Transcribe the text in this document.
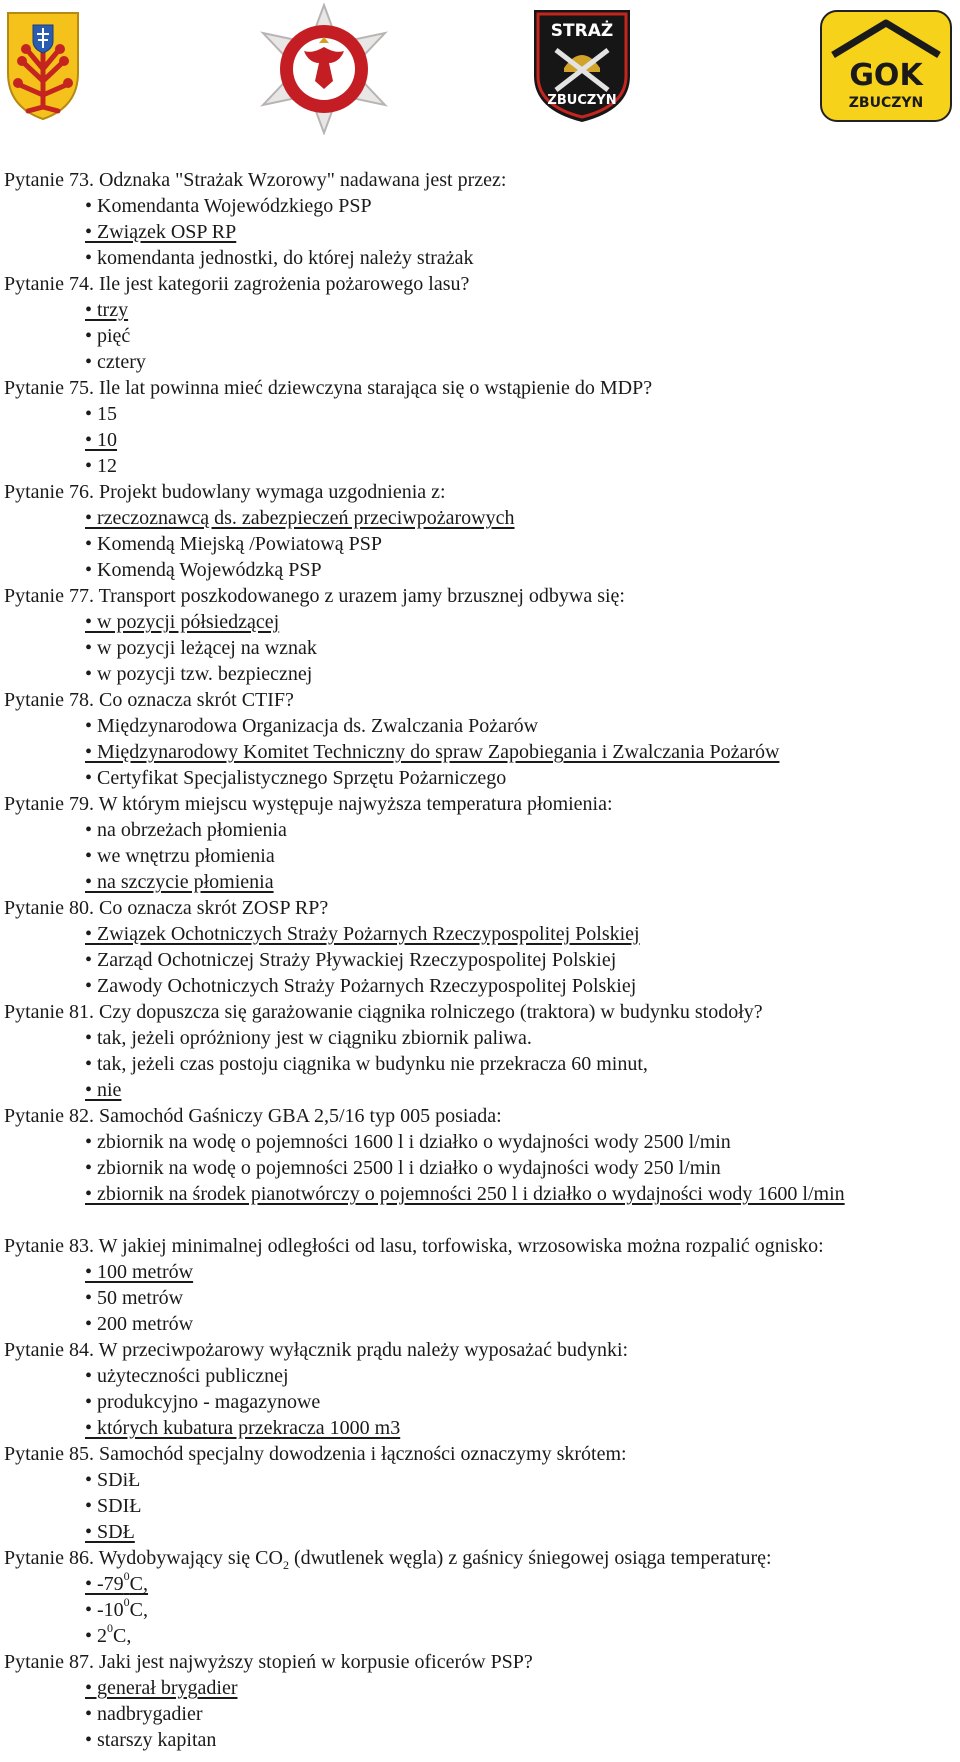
STRAŻ
ZBUCZYN
GOK
ZBUCZYN
Pytanie 73. Odznaka "Strażak Wzorowy" nadawana jest przez:
• Komendanta Wojewódzkiego PSP
• Związek OSP RP
• komendanta jednostki, do której należy strażak
Pytanie 74. Ile jest kategorii zagrożenia pożarowego lasu?
• trzy
• pięć
• cztery
Pytanie 75. Ile lat powinna mieć dziewczyna starająca się o wstąpienie do MDP?
• 15
• 10
• 12
Pytanie 76. Projekt budowlany wymaga uzgodnienia z:
• rzeczoznawcą ds. zabezpieczeń przeciwpożarowych
• Komendą Miejską /Powiatową PSP
• Komendą Wojewódzką PSP
Pytanie 77. Transport poszkodowanego z urazem jamy brzusznej odbywa się:
• w pozycji półsiedzącej
• w pozycji leżącej na wznak
• w pozycji tzw. bezpiecznej
Pytanie 78. Co oznacza skrót CTIF?
• Międzynarodowa Organizacja ds. Zwalczania Pożarów
• Międzynarodowy Komitet Techniczny do spraw Zapobiegania i Zwalczania Pożarów
• Certyfikat Specjalistycznego Sprzętu Pożarniczego
Pytanie 79. W którym miejscu występuje najwyższa temperatura płomienia:
• na obrzeżach płomienia
• we wnętrzu płomienia
• na szczycie płomienia
Pytanie 80. Co oznacza skrót ZOSP RP?
• Związek Ochotniczych Straży Pożarnych Rzeczypospolitej Polskiej
• Zarząd Ochotniczej Straży Pływackiej Rzeczypospolitej Polskiej
• Zawody Ochotniczych Straży Pożarnych Rzeczypospolitej Polskiej
Pytanie 81. Czy dopuszcza się garażowanie ciągnika rolniczego (traktora) w budynku stodoły?
• tak, jeżeli opróżniony jest w ciągniku zbiornik paliwa.
• tak, jeżeli czas postoju ciągnika w budynku nie przekracza 60 minut,
• nie
Pytanie 82. Samochód Gaśniczy GBA 2,5/16 typ 005 posiada:
• zbiornik na wodę o pojemności 1600 l i działko o wydajności wody 2500 l/min
• zbiornik na wodę o pojemności 2500 l i działko o wydajności wody 250 l/min
• zbiornik na środek pianotwórczy o pojemności 250 l i działko o wydajności wody 1600 l/min
Pytanie 83. W jakiej minimalnej odległości od lasu, torfowiska, wrzosowiska można rozpalić ognisko:
• 100 metrów
• 50 metrów
• 200 metrów
Pytanie 84. W przeciwpożarowy wyłącznik prądu należy wyposażać budynki:
• użyteczności publicznej
• produkcyjno - magazynowe
• których kubatura przekracza 1000 m3
Pytanie 85. Samochód specjalny dowodzenia i łączności oznaczymy skrótem:
• SDiŁ
• SDIŁ
• SDŁ
Pytanie 86. Wydobywający się $CO_2$ (dwutlenek węgla) z gaśnicy śniegowej osiąga temperaturę:
• $-79^0C$,
• $-10^0C$,
• $2^0C$,
Pytanie 87. Jaki jest najwyższy stopień w korpusie oficerów PSP?
• generał brygadier
• nadbrygadier
• starszy kapitan
